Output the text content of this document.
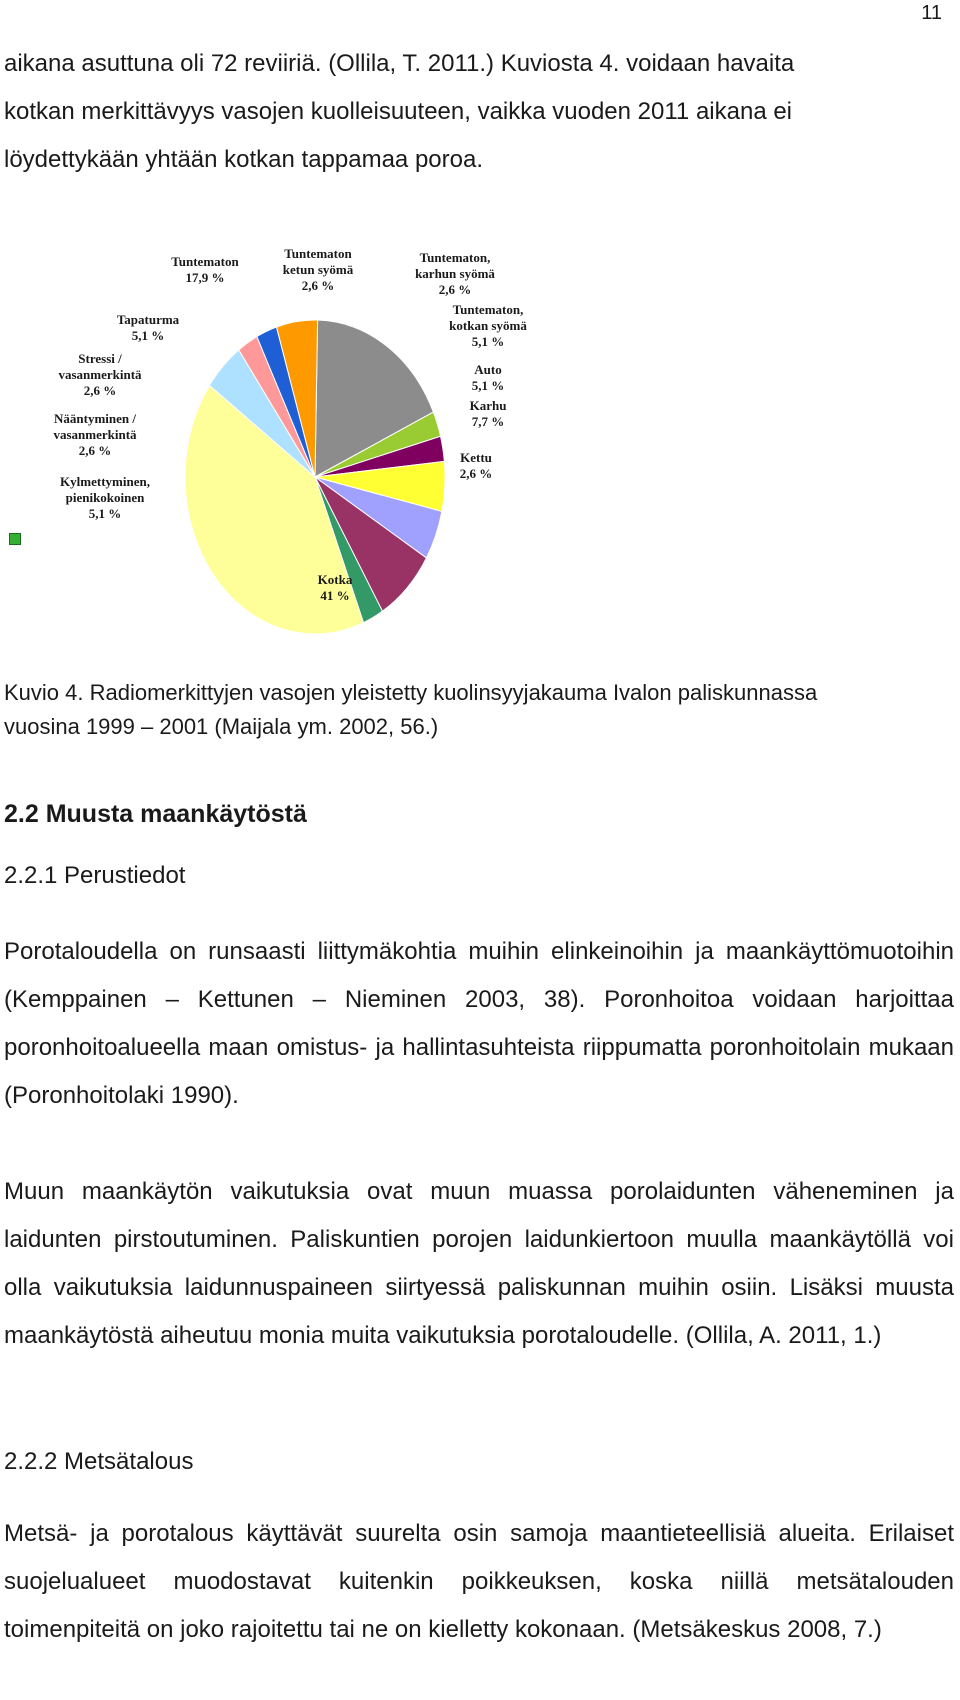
11

aikana asuttuna oli 72 reviiriä. (Ollila, T. 2011.) Kuviosta 4. voidaan havaita

kotkan merkittävyys vasojen kuolleisuuteen, vaikka vuoden 2011 aikana ei

löydettykään yhtään kotkan tappamaa poroa.

Tuntematon 17,9 %
Tuntematon ketun syömä 2,6 %
Tuntematon, karhun syömä 2,6 %
Tuntematon, kotkan syömä 5,1 %
Auto 5,1 %
Karhu 7,7 %
Kettu 2,6 %
Kotka 41 %
Kylmettyminen, pienikokoinen 5,1 %
Nääntyminen / vasanmerkintä 2,6 %
Stressi / vasanmerkintä 2,6 %
Tapaturma 5,1 %

Kuvio 4. Radiomerkittyjen vasojen yleistetty kuolinsyyjakauma Ivalon paliskunnassa

vuosina 1999 – 2001 (Maijala ym. 2002, 56.)

2.2 Muusta maankäytöstä
2.2.1 Perustiedot

Porotaloudella on runsaasti liittymäkohtia muihin elinkeinoihin ja maankäyttömuotoihin (Kemppainen – Kettunen – Nieminen 2003, 38). Poronhoitoa voidaan harjoittaa poronhoitoalueella maan omistus- ja hallintasuhteista riippumatta poronhoitolain mukaan (Poronhoitolaki 1990).

Muun maankäytön vaikutuksia ovat muun muassa porolaidunten väheneminen ja laidunten pirstoutuminen. Paliskuntien porojen laidunkiertoon muulla maankäytöllä voi olla vaikutuksia laidunnuspaineen siirtyessä paliskunnan muihin osiin. Lisäksi muusta maankäytöstä aiheutuu monia muita vaikutuksia porotaloudelle. (Ollila, A. 2011, 1.)

2.2.2 Metsätalous

Metsä- ja porotalous käyttävät suurelta osin samoja maantieteellisiä alueita. Erilaiset suojelualueet muodostavat kuitenkin poikkeuksen, koska niillä metsätalouden toimenpiteitä on joko rajoitettu tai ne on kielletty kokonaan. (Metsäkeskus 2008, 7.)
